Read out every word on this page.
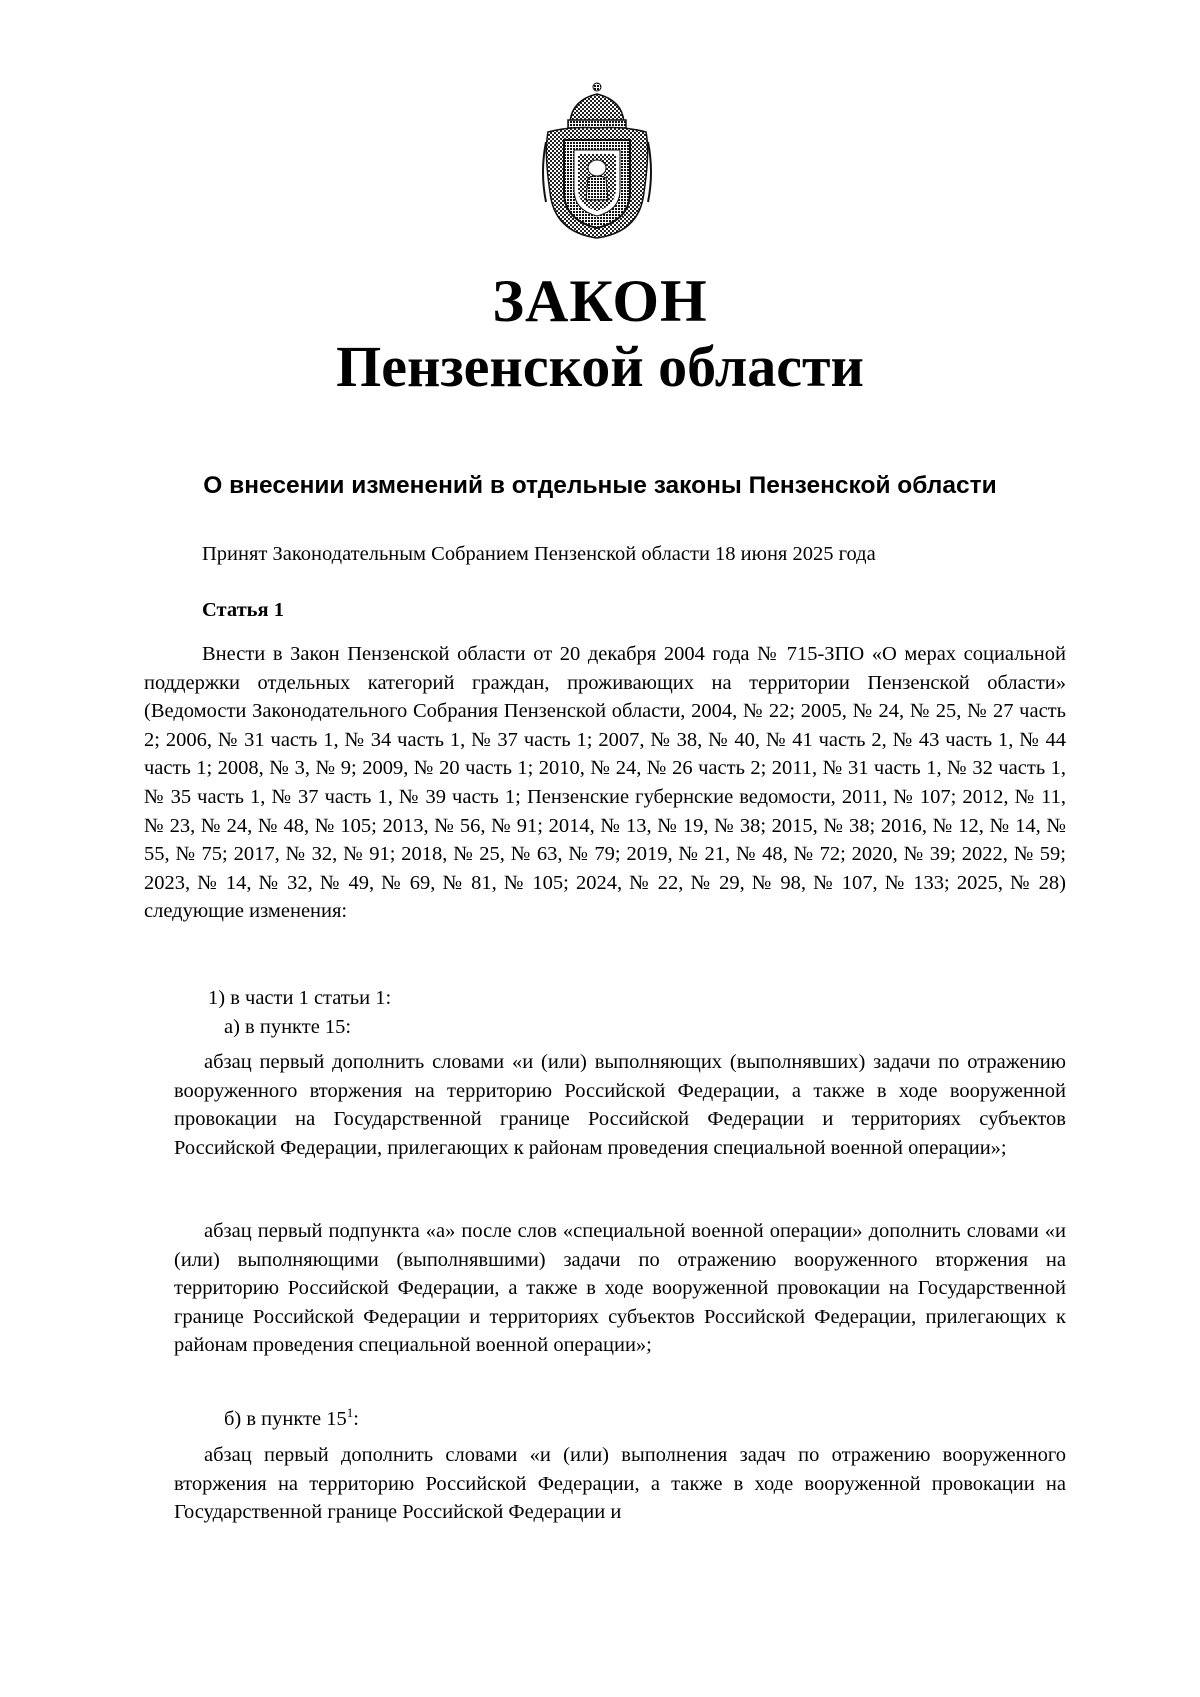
ЗАКОН
Пензенской области
О внесении изменений в отдельные законы Пензенской области
Принят Законодательным Собранием Пензенской области 18 июня 2025 года
Статья 1
Внести в Закон Пензенской области от 20 декабря 2004 года № 715-ЗПО «О мерах социальной поддержки отдельных категорий граждан, проживающих на территории Пензенской области» (Ведомости Законодательного Собрания Пензенской области, 2004, № 22; 2005, № 24, № 25, № 27 часть 2; 2006, № 31 часть 1, № 34 часть 1, № 37 часть 1; 2007, № 38, № 40, № 41 часть 2, № 43 часть 1, № 44 часть 1; 2008, № 3, № 9; 2009, № 20 часть 1; 2010, № 24, № 26 часть 2; 2011, № 31 часть 1, № 32 часть 1, № 35 часть 1, № 37 часть 1, № 39 часть 1; Пензенские губернские ведомости, 2011, № 107; 2012, № 11, № 23, № 24, № 48, № 105; 2013, № 56, № 91; 2014, № 13, № 19, № 38; 2015, № 38; 2016, № 12, № 14, № 55, № 75; 2017, № 32, № 91; 2018, № 25, № 63, № 79; 2019, № 21, № 48, № 72; 2020, № 39; 2022, № 59; 2023, № 14, № 32, № 49, № 69, № 81, № 105; 2024, № 22, № 29, № 98, № 107, № 133; 2025, № 28) следующие изменения:
1) в части 1 статьи 1:
а) в пункте 15:
абзац первый дополнить словами «и (или) выполняющих (выполнявших) задачи по отражению вооруженного вторжения на территорию Российской Федерации, а также в ходе вооруженной провокации на Государственной границе Российской Федерации и территориях субъектов Российской Федерации, прилегающих к районам проведения специальной военной операции»;
абзац первый подпункта «а» после слов «специальной военной операции» дополнить словами «и (или) выполняющими (выполнявшими) задачи по отражению вооруженного вторжения на территорию Российской Федерации, а также в ходе вооруженной провокации на Государственной границе Российской Федерации и территориях субъектов Российской Федерации, прилегающих к районам проведения специальной военной операции»;
б) в пункте $15^1$:
абзац первый дополнить словами «и (или) выполнения задач по отражению вооруженного вторжения на территорию Российской Федерации, а также в ходе вооруженной провокации на Государственной границе Российской Федерации и
